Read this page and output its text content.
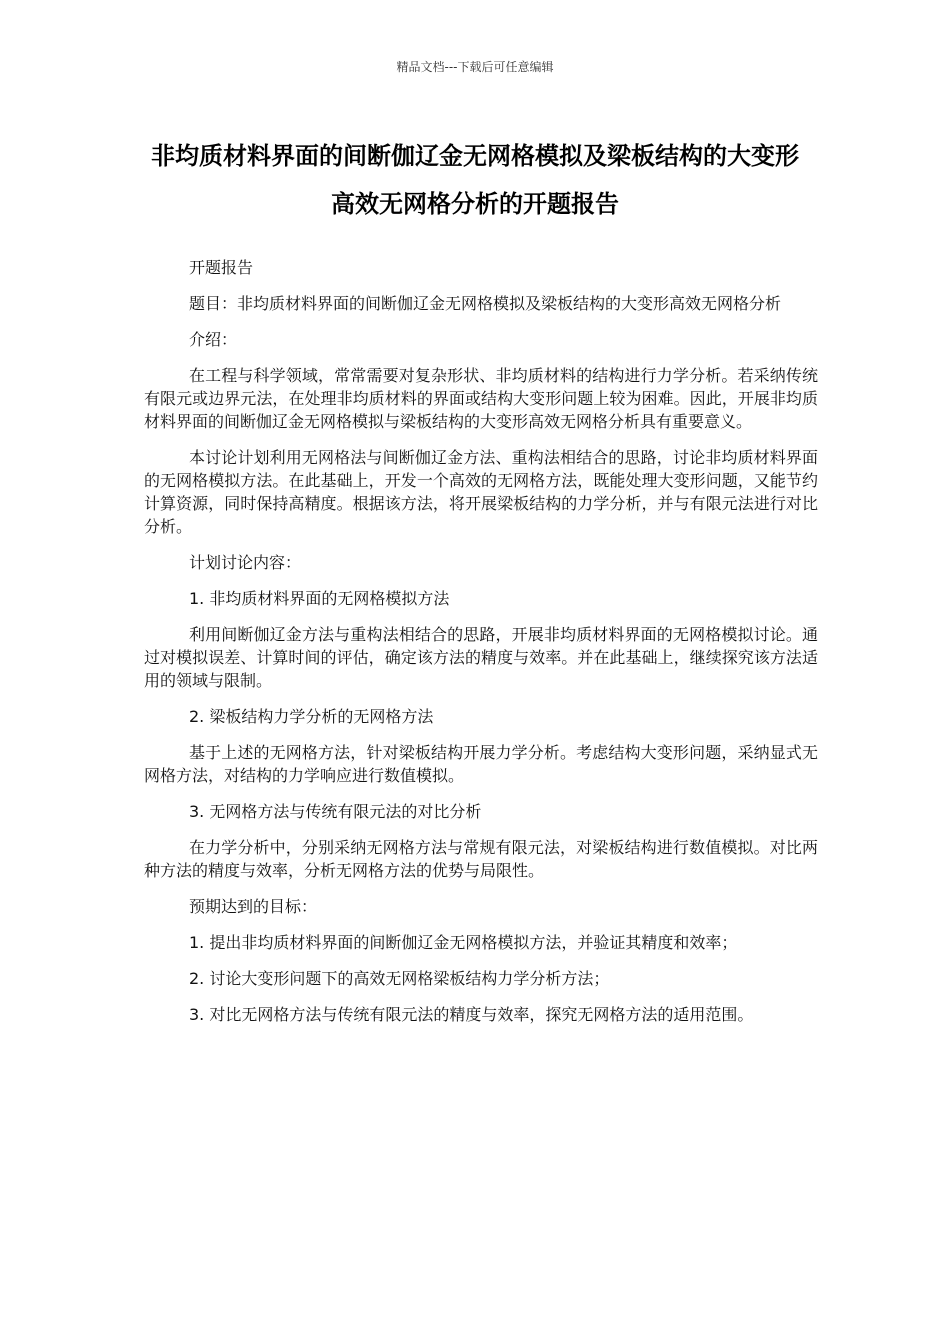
精品文档---下载后可任意编辑
非均质材料界面的间断伽辽金无网格模拟及梁板结构的大变形高效无网格分析的开题报告

开题报告

题目：非均质材料界面的间断伽辽金无网格模拟及梁板结构的大变形高效无网格分析

介绍：

在工程与科学领域，常常需要对复杂形状、非均质材料的结构进行力学分析。若采纳传统有限元或边界元法，在处理非均质材料的界面或结构大变形问题上较为困难。因此，开展非均质材料界面的间断伽辽金无网格模拟与梁板结构的大变形高效无网格分析具有重要意义。

本讨论计划利用无网格法与间断伽辽金方法、重构法相结合的思路，讨论非均质材料界面的无网格模拟方法。在此基础上，开发一个高效的无网格方法，既能处理大变形问题，又能节约计算资源，同时保持高精度。根据该方法，将开展梁板结构的力学分析，并与有限元法进行对比分析。

计划讨论内容：

1. 非均质材料界面的无网格模拟方法

利用间断伽辽金方法与重构法相结合的思路，开展非均质材料界面的无网格模拟讨论。通过对模拟误差、计算时间的评估，确定该方法的精度与效率。并在此基础上，继续探究该方法适用的领域与限制。

2. 梁板结构力学分析的无网格方法

基于上述的无网格方法，针对梁板结构开展力学分析。考虑结构大变形问题，采纳显式无网格方法，对结构的力学响应进行数值模拟。

3. 无网格方法与传统有限元法的对比分析

在力学分析中，分别采纳无网格方法与常规有限元法，对梁板结构进行数值模拟。对比两种方法的精度与效率，分析无网格方法的优势与局限性。

预期达到的目标：

1. 提出非均质材料界面的间断伽辽金无网格模拟方法，并验证其精度和效率；

2. 讨论大变形问题下的高效无网格梁板结构力学分析方法；

3. 对比无网格方法与传统有限元法的精度与效率，探究无网格方法的适用范围。
